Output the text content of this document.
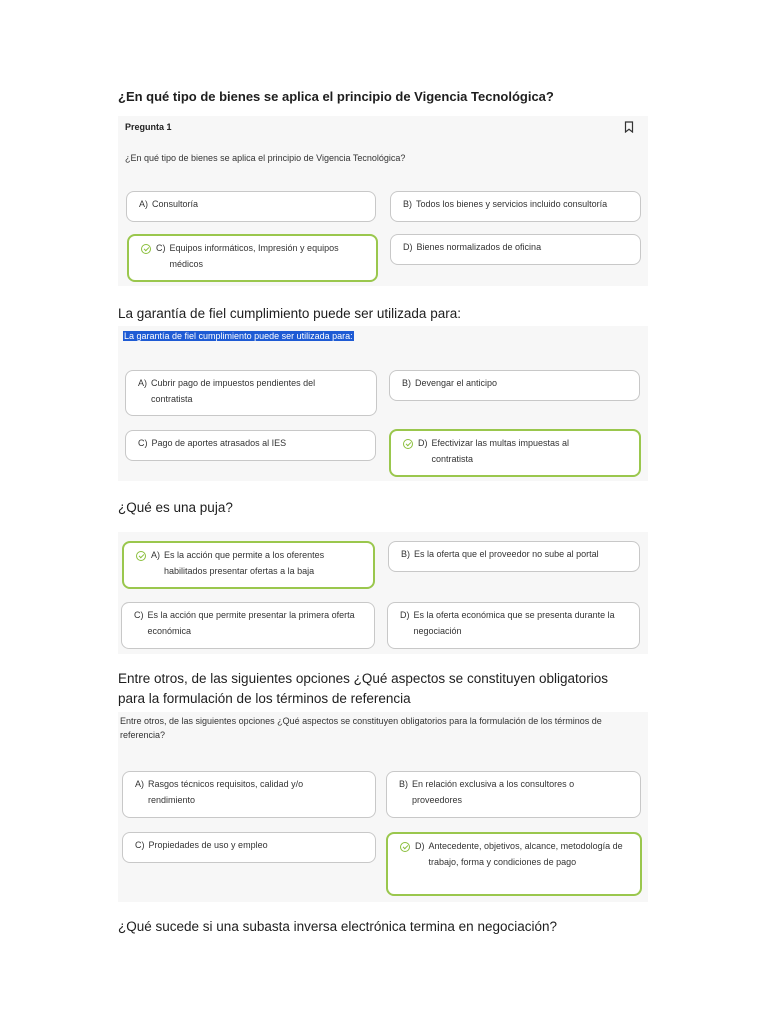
¿En qué tipo de bienes se aplica el principio de Vigencia Tecnológica?
Pregunta 1
¿En qué tipo de bienes se aplica el principio de Vigencia Tecnológica?
A) Consultoría	B) Todos los bienes y servicios incluido consultoría
C) Equipos informáticos, Impresión y equipos médicos
D) Bienes normalizados de oficina
La garantía de fiel cumplimiento puede ser utilizada para:
La garantía de fiel cumplimiento puede ser utilizada para:
A) Cubrir pago de impuestos pendientes del contratista
B) Devengar el anticipo
C) Pago de aportes atrasados al IES	D) Efectivizar las multas impuestas al contratista
¿Qué es una puja?
A) Es la acción que permite a los oferentes habilitados presentar ofertas a la baja
B) Es la oferta que el proveedor no sube al portal
C) Es la acción que permite presentar la primera oferta económica
D) Es la oferta económica que se presenta durante la negociación
Entre otros, de las siguientes opciones ¿Qué aspectos se constituyen obligatorios para la formulación de los términos de referencia
Entre otros, de las siguientes opciones ¿Qué aspectos se constituyen obligatorios para la formulación de los términos de referencia?
A) Rasgos técnicos requisitos, calidad y/o rendimiento
B) En relación exclusiva a los consultores o proveedores
C) Propiedades de uso y empleo	D) Antecedente, objetivos, alcance, metodología de trabajo, forma y condiciones de pago
¿Qué sucede si una subasta inversa electrónica termina en negociación?
